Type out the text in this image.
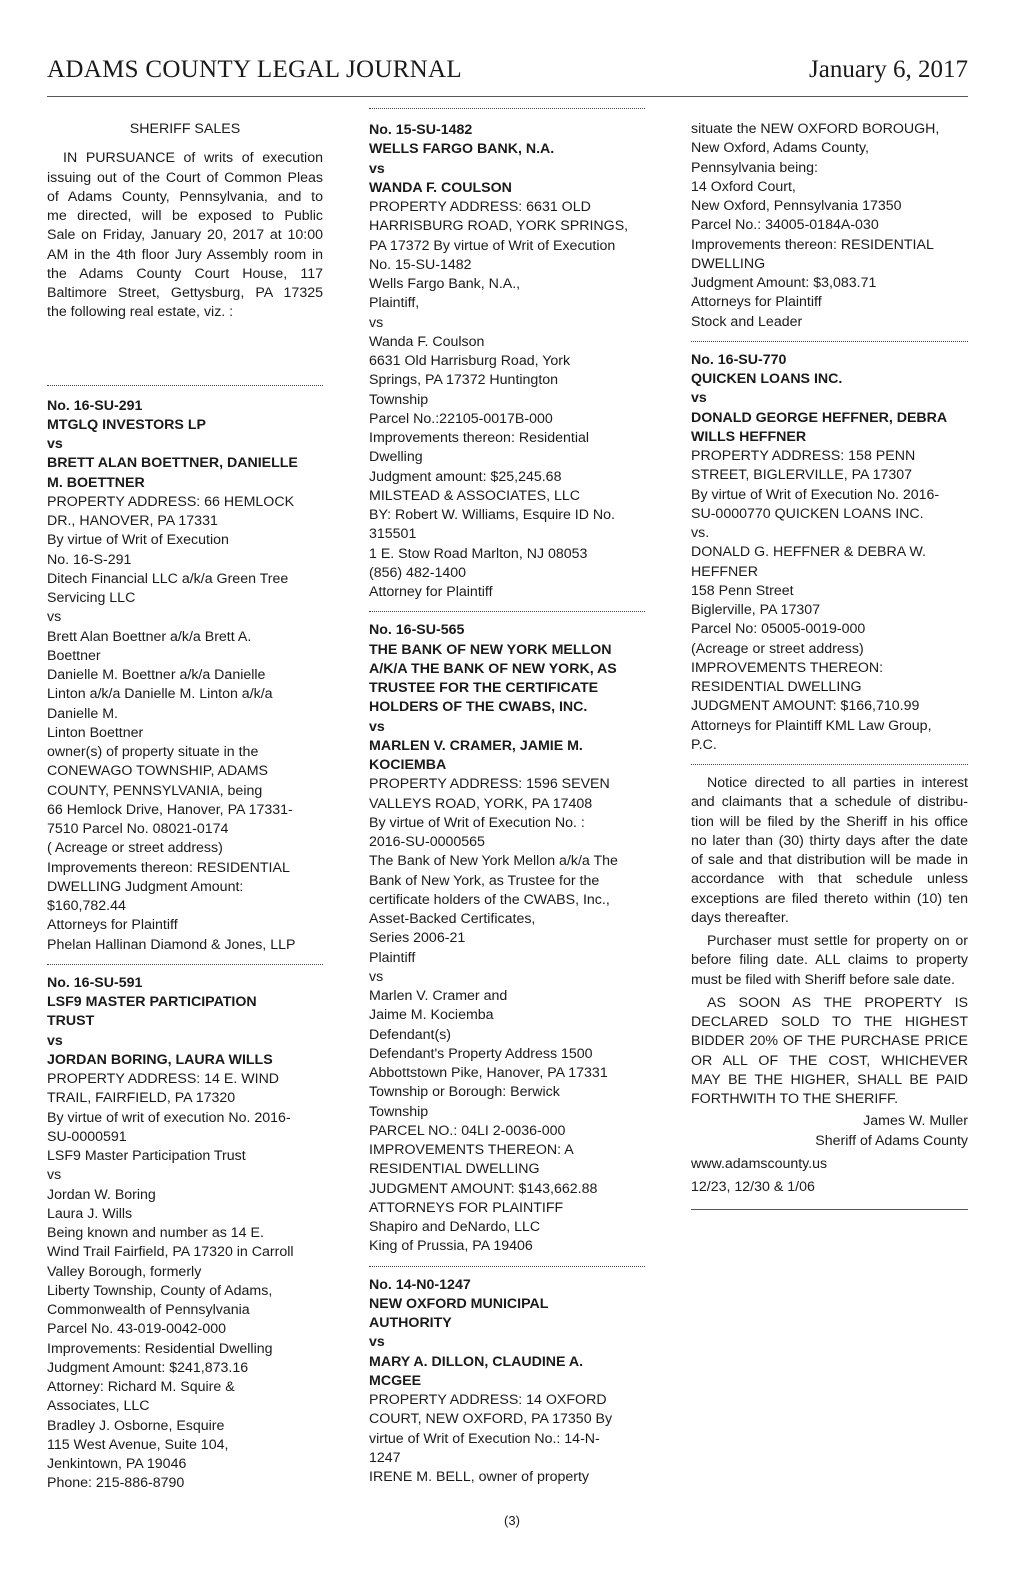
ADAMS COUNTY LEGAL JOURNAL	January 6, 2017
SHERIFF SALES
IN PURSUANCE of writs of execution
issuing out of the Court of Common Pleas
of Adams County, Pennsylvania, and to
me directed, will be exposed to Public
Sale on Friday, January 20, 2017 at 10:00
AM in the 4th floor Jury Assembly room in
the Adams County Court House, 117
Baltimore Street, Gettysburg, PA 17325
the following real estate, viz. :
No. 16-SU-291
MTGLQ INVESTORS LP
vs
BRETT ALAN BOETTNER, DANIELLE
M. BOETTNER
PROPERTY ADDRESS: 66 HEMLOCK
DR., HANOVER, PA 17331
By virtue of Writ of Execution
No. 16-S-291
Ditech Financial LLC a/k/a Green Tree
Servicing LLC
vs
Brett Alan Boettner a/k/a Brett A.
Boettner
Danielle M. Boettner a/k/a Danielle
Linton a/k/a Danielle M. Linton a/k/a
Danielle M.
Linton Boettner
owner(s) of property situate in the
CONEWAGO TOWNSHIP, ADAMS
COUNTY, PENNSYLVANIA, being
66 Hemlock Drive, Hanover, PA 17331-
7510 Parcel No. 08021-0174
( Acreage or street address)
Improvements thereon: RESIDENTIAL
DWELLING Judgment Amount:
$160,782.44
Attorneys for Plaintiff
Phelan Hallinan Diamond & Jones, LLP
No. 16-SU-591
LSF9 MASTER PARTICIPATION
TRUST
vs
JORDAN BORING, LAURA WILLS
PROPERTY ADDRESS: 14 E. WIND
TRAIL, FAIRFIELD, PA 17320
By virtue of writ of execution No. 2016-
SU-0000591
LSF9 Master Participation Trust
vs
Jordan W. Boring
Laura J. Wills
Being known and number as 14 E.
Wind Trail Fairfield, PA 17320 in Carroll
Valley Borough, formerly
Liberty Township, County of Adams,
Commonwealth of Pennsylvania
Parcel No. 43-019-0042-000
Improvements: Residential Dwelling
Judgment Amount: $241,873.16
Attorney: Richard M. Squire &
Associates, LLC
Bradley J. Osborne, Esquire
115 West Avenue, Suite 104,
Jenkintown, PA 19046
Phone: 215-886-8790
No. 15-SU-1482
WELLS FARGO BANK, N.A.
vs
WANDA F. COULSON
PROPERTY ADDRESS: 6631 OLD
HARRISBURG ROAD, YORK SPRINGS,
PA 17372 By virtue of Writ of Execution
No. 15-SU-1482
Wells Fargo Bank, N.A.,
Plaintiff,
vs
Wanda F. Coulson
6631 Old Harrisburg Road, York
Springs, PA 17372 Huntington
Township
Parcel No.:22105-0017B-000
Improvements thereon: Residential
Dwelling
Judgment amount: $25,245.68
MILSTEAD & ASSOCIATES, LLC
BY: Robert W. Williams, Esquire ID No.
315501
1 E. Stow Road Marlton, NJ 08053
(856) 482-1400
Attorney for Plaintiff
No. 16-SU-565
THE BANK OF NEW YORK MELLON
A/K/A THE BANK OF NEW YORK, AS
TRUSTEE FOR THE CERTIFICATE
HOLDERS OF THE CWABS, INC.
vs
MARLEN V. CRAMER, JAMIE M.
KOCIEMBA
PROPERTY ADDRESS: 1596 SEVEN
VALLEYS ROAD, YORK, PA 17408
By virtue of Writ of Execution No. :
2016-SU-0000565
The Bank of New York Mellon a/k/a The
Bank of New York, as Trustee for the
certificate holders of the CWABS, Inc.,
Asset-Backed Certificates,
Series 2006-21
Plaintiff
vs
Marlen V. Cramer and
Jaime M. Kociemba
Defendant(s)
Defendant's Property Address 1500
Abbottstown Pike, Hanover, PA 17331
Township or Borough: Berwick
Township
PARCEL NO.: 04LI 2-0036-000
IMPROVEMENTS THEREON: A
RESIDENTIAL DWELLING
JUDGMENT AMOUNT: $143,662.88
ATTORNEYS FOR PLAINTIFF
Shapiro and DeNardo, LLC
King of Prussia, PA 19406
No. 14-N0-1247
NEW OXFORD MUNICIPAL
AUTHORITY
vs
MARY A. DILLON, CLAUDINE A.
MCGEE
PROPERTY ADDRESS: 14 OXFORD
COURT, NEW OXFORD, PA 17350 By
virtue of Writ of Execution No.: 14-N-
1247
IRENE M. BELL, owner of property
situate the NEW OXFORD BOROUGH,
New Oxford, Adams County,
Pennsylvania being:
14 Oxford Court,
New Oxford, Pennsylvania 17350
Parcel No.: 34005-0184A-030
Improvements thereon: RESIDENTIAL
DWELLING
Judgment Amount: $3,083.71
Attorneys for Plaintiff
Stock and Leader
No. 16-SU-770
QUICKEN LOANS INC.
vs
DONALD GEORGE HEFFNER, DEBRA
WILLS HEFFNER
PROPERTY ADDRESS: 158 PENN
STREET, BIGLERVILLE, PA 17307
By virtue of Writ of Execution No. 2016-
SU-0000770 QUICKEN LOANS INC.
vs.
DONALD G. HEFFNER & DEBRA W.
HEFFNER
158 Penn Street
Biglerville, PA 17307
Parcel No: 05005-0019-000
(Acreage or street address)
IMPROVEMENTS THEREON:
RESIDENTIAL DWELLING
JUDGMENT AMOUNT: $166,710.99
Attorneys for Plaintiff KML Law Group,
P.C.
Notice directed to all parties in interest
and claimants that a schedule of distribu-
tion will be filed by the Sheriff in his office
no later than (30) thirty days after the date
of sale and that distribution will be made in
accordance with that schedule unless
exceptions are filed thereto within (10) ten
days thereafter.
Purchaser must settle for property on or
before filing date. ALL claims to property
must be filed with Sheriff before sale date.
AS SOON AS THE PROPERTY IS
DECLARED SOLD TO THE HIGHEST
BIDDER 20% OF THE PURCHASE PRICE
OR ALL OF THE COST, WHICHEVER
MAY BE THE HIGHER, SHALL BE PAID
FORTHWITH TO THE SHERIFF.
James W. Muller
Sheriff of Adams County
www.adamscounty.us
12/23, 12/30 & 1/06
(3)
